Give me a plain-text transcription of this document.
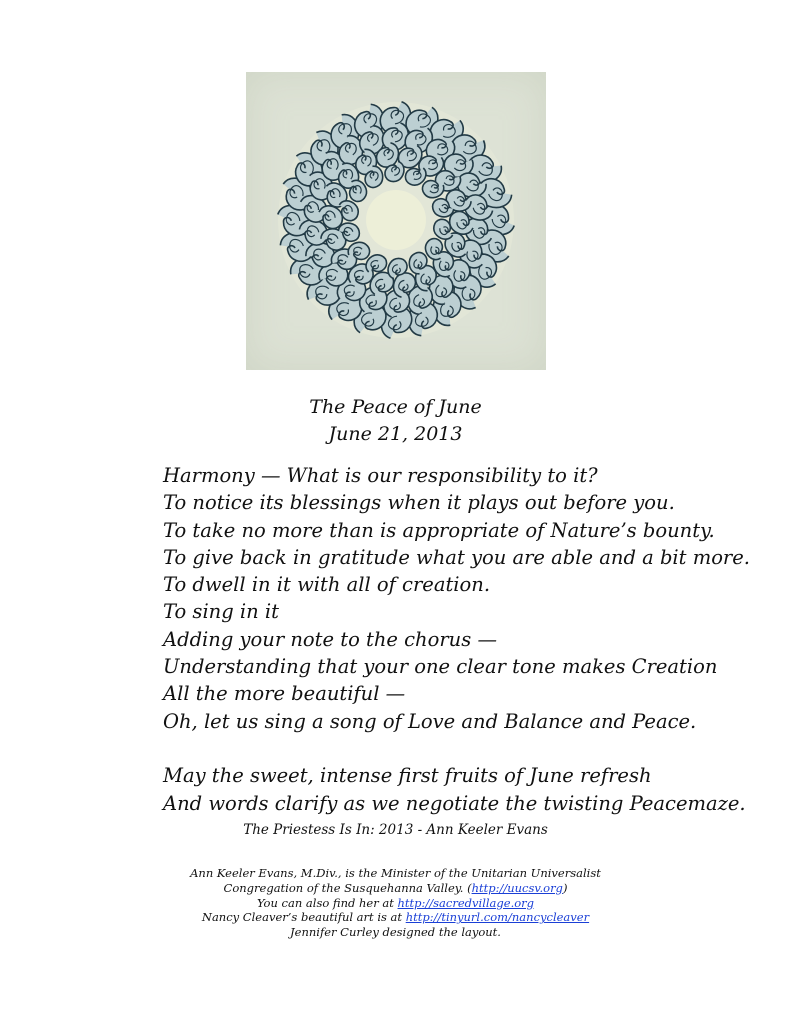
The Peace of June
June 21, 2013
Harmony — What is our responsibility to it?
To notice its blessings when it plays out before you.
To take no more than is appropriate of Nature’s bounty.
To give back in gratitude what you are able and a bit more.
To dwell in it with all of creation.
To sing in it
Adding your note to the chorus —
Understanding that your one clear tone makes Creation
All the more beautiful —
Oh, let us sing a song of Love and Balance and Peace.
May the sweet, intense first fruits of June refresh
And words clarify as we negotiate the twisting Peacemaze.
The Priestess Is In: 2013 - Ann Keeler Evans
Ann Keeler Evans, M.Div., is the Minister of the Unitarian Universalist
Congregation of the Susquehanna Valley. (http://uucsv.org)
You can also find her at http://sacredvillage.org
Nancy Cleaver’s beautiful art is at http://tinyurl.com/nancycleaver
Jennifer Curley designed the layout.
